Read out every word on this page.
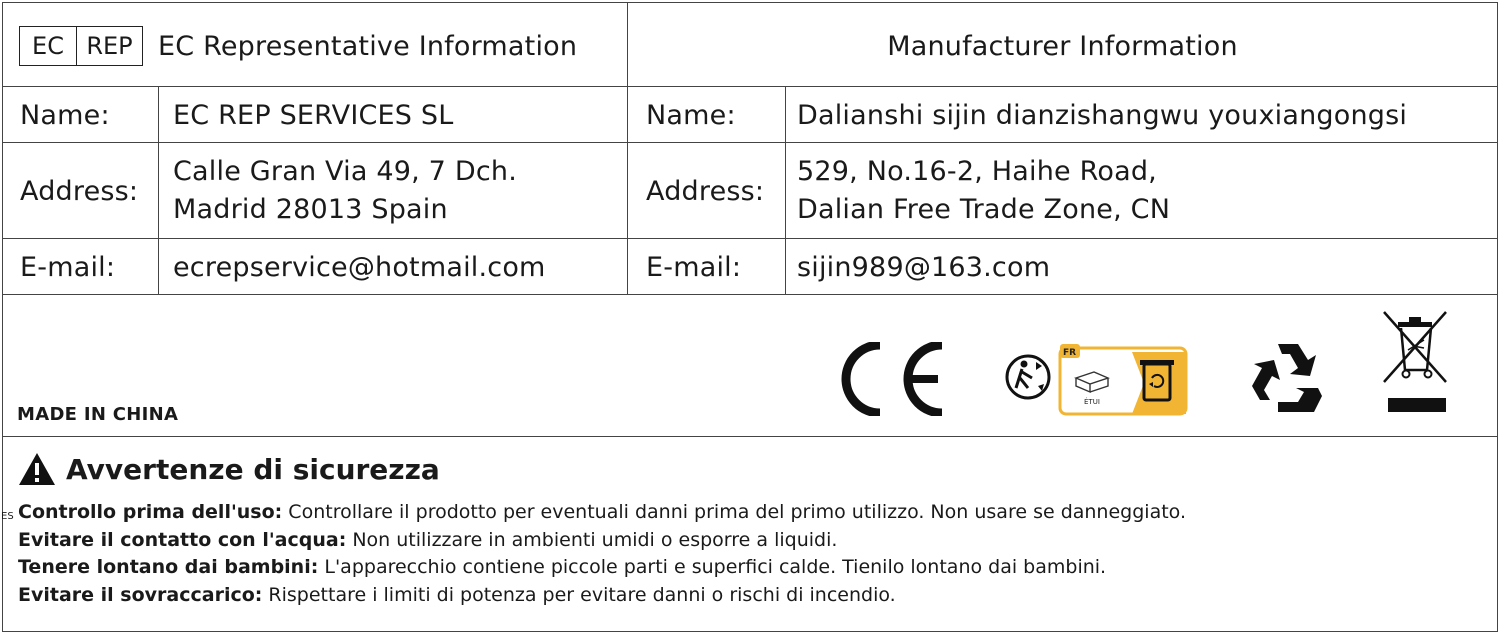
EC REP EC Representative Information	Manufacturer Information
Name: EC REP SERVICES SL
Address:
Calle Gran Via 49, 7 Dch.
Madrid 28013 Spain
E-mail: ecrepservice@hotmail.com
Name: Dalianshi sijin dianzishangwu youxiangongsi
Address:
529, No.16-2, Haihe Road,
Dalian Free Trade Zone, CN
E-mail: sijin989@163.com
MADE IN CHINA
FR
ÉTUI
Avvertenze di sicurezza
ES Controllo prima dell'uso: Controllare il prodotto per eventuali danni prima del primo utilizzo. Non usare se danneggiato.
Evitare il contatto con l'acqua: Non utilizzare in ambienti umidi o esporre a liquidi.
Tenere lontano dai bambini: L'apparecchio contiene piccole parti e superfici calde. Tienilo lontano dai bambini.
Evitare il sovraccarico: Rispettare i limiti di potenza per evitare danni o rischi di incendio.
